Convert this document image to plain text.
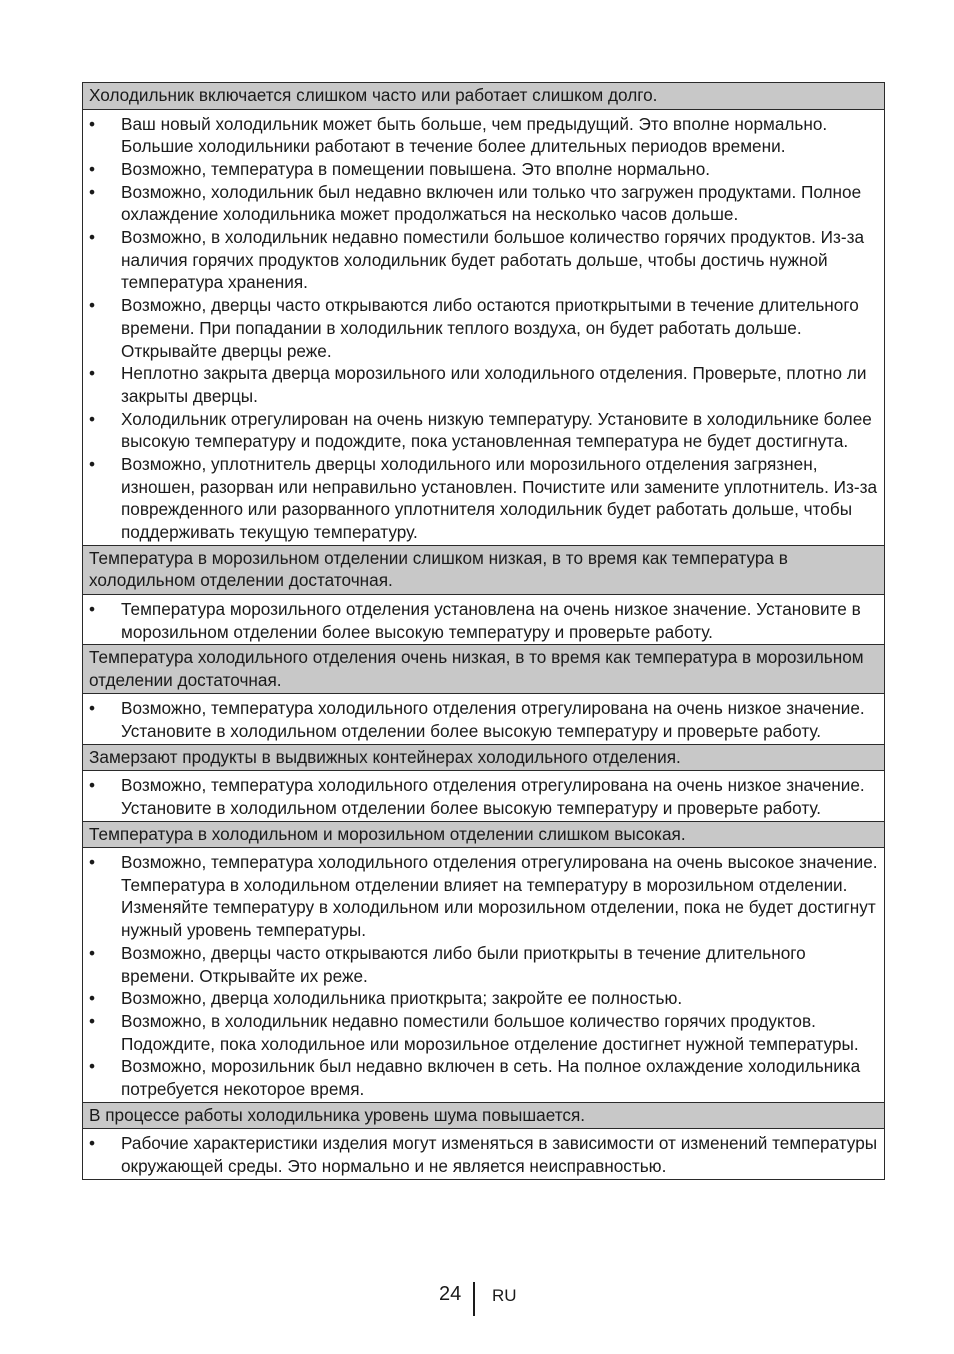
Холодильник включается слишком часто или работает слишком долго.
•	Ваш новый холодильник может быть больше, чем предыдущий. Это вполне нормально. Большие холодильники работают в течение более длительных периодов времени.
•	Возможно, температура в помещении повышена. Это вполне нормально.
•	Возможно, холодильник был недавно включен или только что загружен продуктами. Полное охлаждение холодильника может продолжаться на несколько часов дольше.
•	Возможно, в холодильник недавно поместили большое количество горячих продуктов. Из-за наличия горячих продуктов холодильник будет работать дольше, чтобы достичь нужной температура хранения.
•	Возможно, дверцы часто открываются либо остаются приоткрытыми в течение длительного времени. При попадании в холодильник теплого воздуха, он будет работать дольше. Открывайте дверцы реже.
•	Неплотно закрыта дверца морозильного или холодильного отделения. Проверьте, плотно ли закрыты дверцы.
•	Холодильник отрегулирован на очень низкую температуру. Установите в холодильнике более высокую температуру и подождите, пока установленная температура не будет достигнута.
•	Возможно, уплотнитель дверцы холодильного или морозильного отделения загрязнен, изношен, разорван или неправильно установлен. Почистите или замените уплотнитель. Из-за поврежденного или разорванного уплотнителя холодильник будет работать дольше, чтобы поддерживать текущую температуру.
Температура в морозильном отделении слишком низкая, в то время как температура в холодильном отделении достаточная.
•	Температура морозильного отделения установлена на очень низкое значение. Установите в морозильном отделении более высокую температуру и проверьте работу.
Температура холодильного отделения очень низкая, в то время как температура в морозильном отделении достаточная.
•	Возможно, температура холодильного отделения отрегулирована на очень низкое значение. Установите в холодильном отделении более высокую температуру и проверьте работу.
Замерзают продукты в выдвижных контейнерах холодильного отделения.
•	Возможно, температура холодильного отделения отрегулирована на очень низкое значение. Установите в холодильном отделении более высокую температуру и проверьте работу.
Температура в холодильном и морозильном отделении слишком высокая.
•	Возможно, температура холодильного отделения отрегулирована на очень высокое значение. Температура в холодильном отделении влияет на температуру в морозильном отделении. Изменяйте температуру в холодильном или морозильном отделении, пока не будет достигнут нужный уровень температуры.
•	Возможно, дверцы часто открываются либо были приоткрыты в течение длительного времени. Открывайте их реже.
•	Возможно, дверца холодильника приоткрыта; закройте ее полностью.
•	Возможно, в холодильник недавно поместили большое количество горячих продуктов. Подождите, пока холодильное или морозильное отделение достигнет нужной температуры.
•	Возможно, морозильник был недавно включен в сеть. На полное охлаждение холодильника потребуется некоторое время.
В процессе работы холодильника уровень шума повышается.
•	Рабочие характеристики изделия могут изменяться в зависимости от изменений температуры окружающей среды. Это нормально и не является неисправностью.
24 RU
